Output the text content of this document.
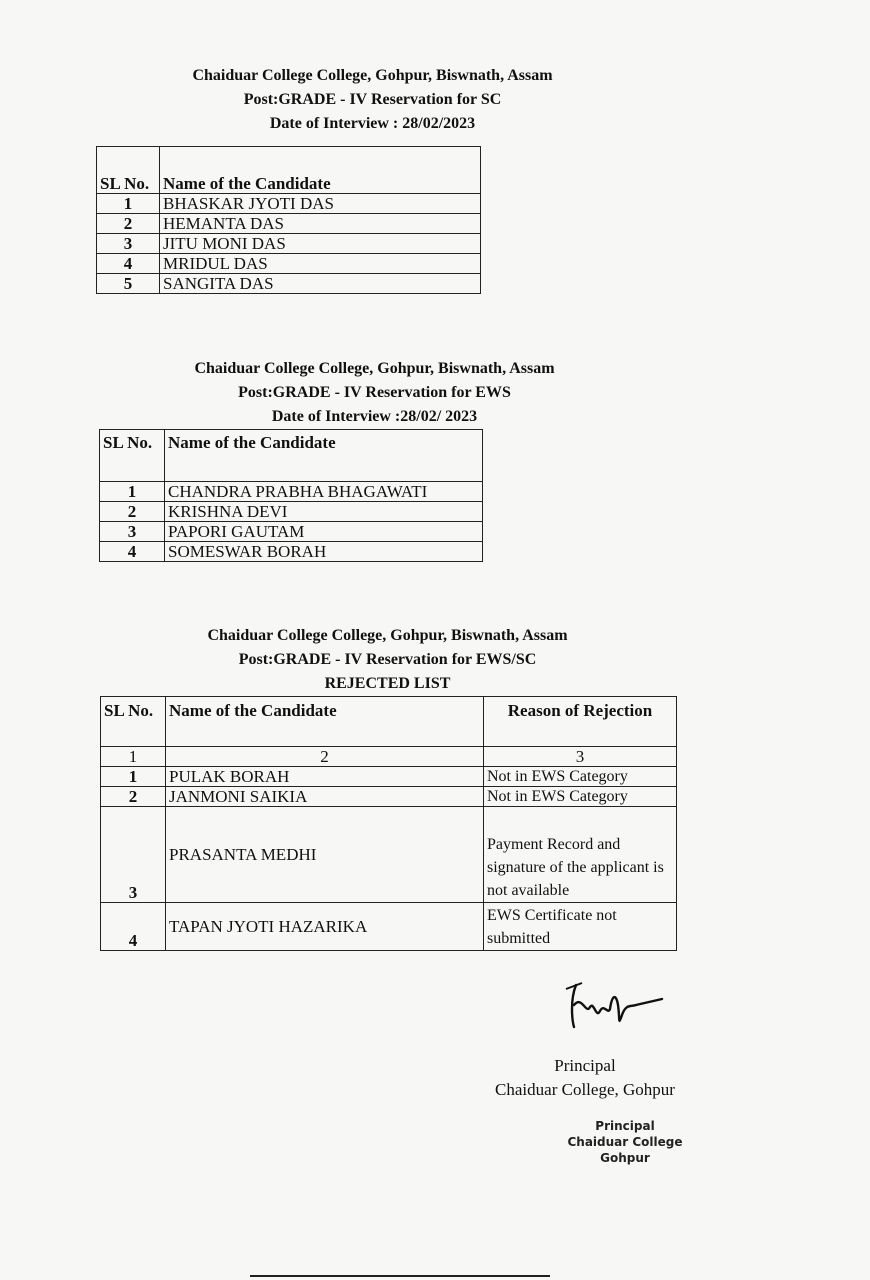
Chaiduar College College, Gohpur, Biswnath, Assam
Post:GRADE - IV Reservation for SC
Date of Interview : 28/02/2023
SL No.	Name of the Candidate
1	BHASKAR JYOTI DAS
2	HEMANTA DAS
3	JITU MONI DAS
4	MRIDUL DAS
5	SANGITA DAS
Chaiduar College College, Gohpur, Biswnath, Assam
Post:GRADE - IV Reservation for EWS
Date of Interview :28/02/ 2023
SL No.	Name of the Candidate
1	CHANDRA PRABHA BHAGAWATI
2	KRISHNA DEVI
3	PAPORI GAUTAM
4	SOMESWAR BORAH
Chaiduar College College, Gohpur, Biswnath, Assam
Post:GRADE - IV Reservation for EWS/SC
REJECTED LIST
SL No.	Name of the Candidate	Reason of Rejection
1	2	3
1	PULAK BORAH	Not in EWS Category
2	JANMONI SAIKIA	Not in EWS Category
3	PRASANTA MEDHI	Payment Record and signature of the applicant is not available
4	TAPAN JYOTI HAZARIKA	EWS Certificate not submitted
Principal
Chaiduar College, Gohpur
Principal
Chaiduar College
Gohpur
